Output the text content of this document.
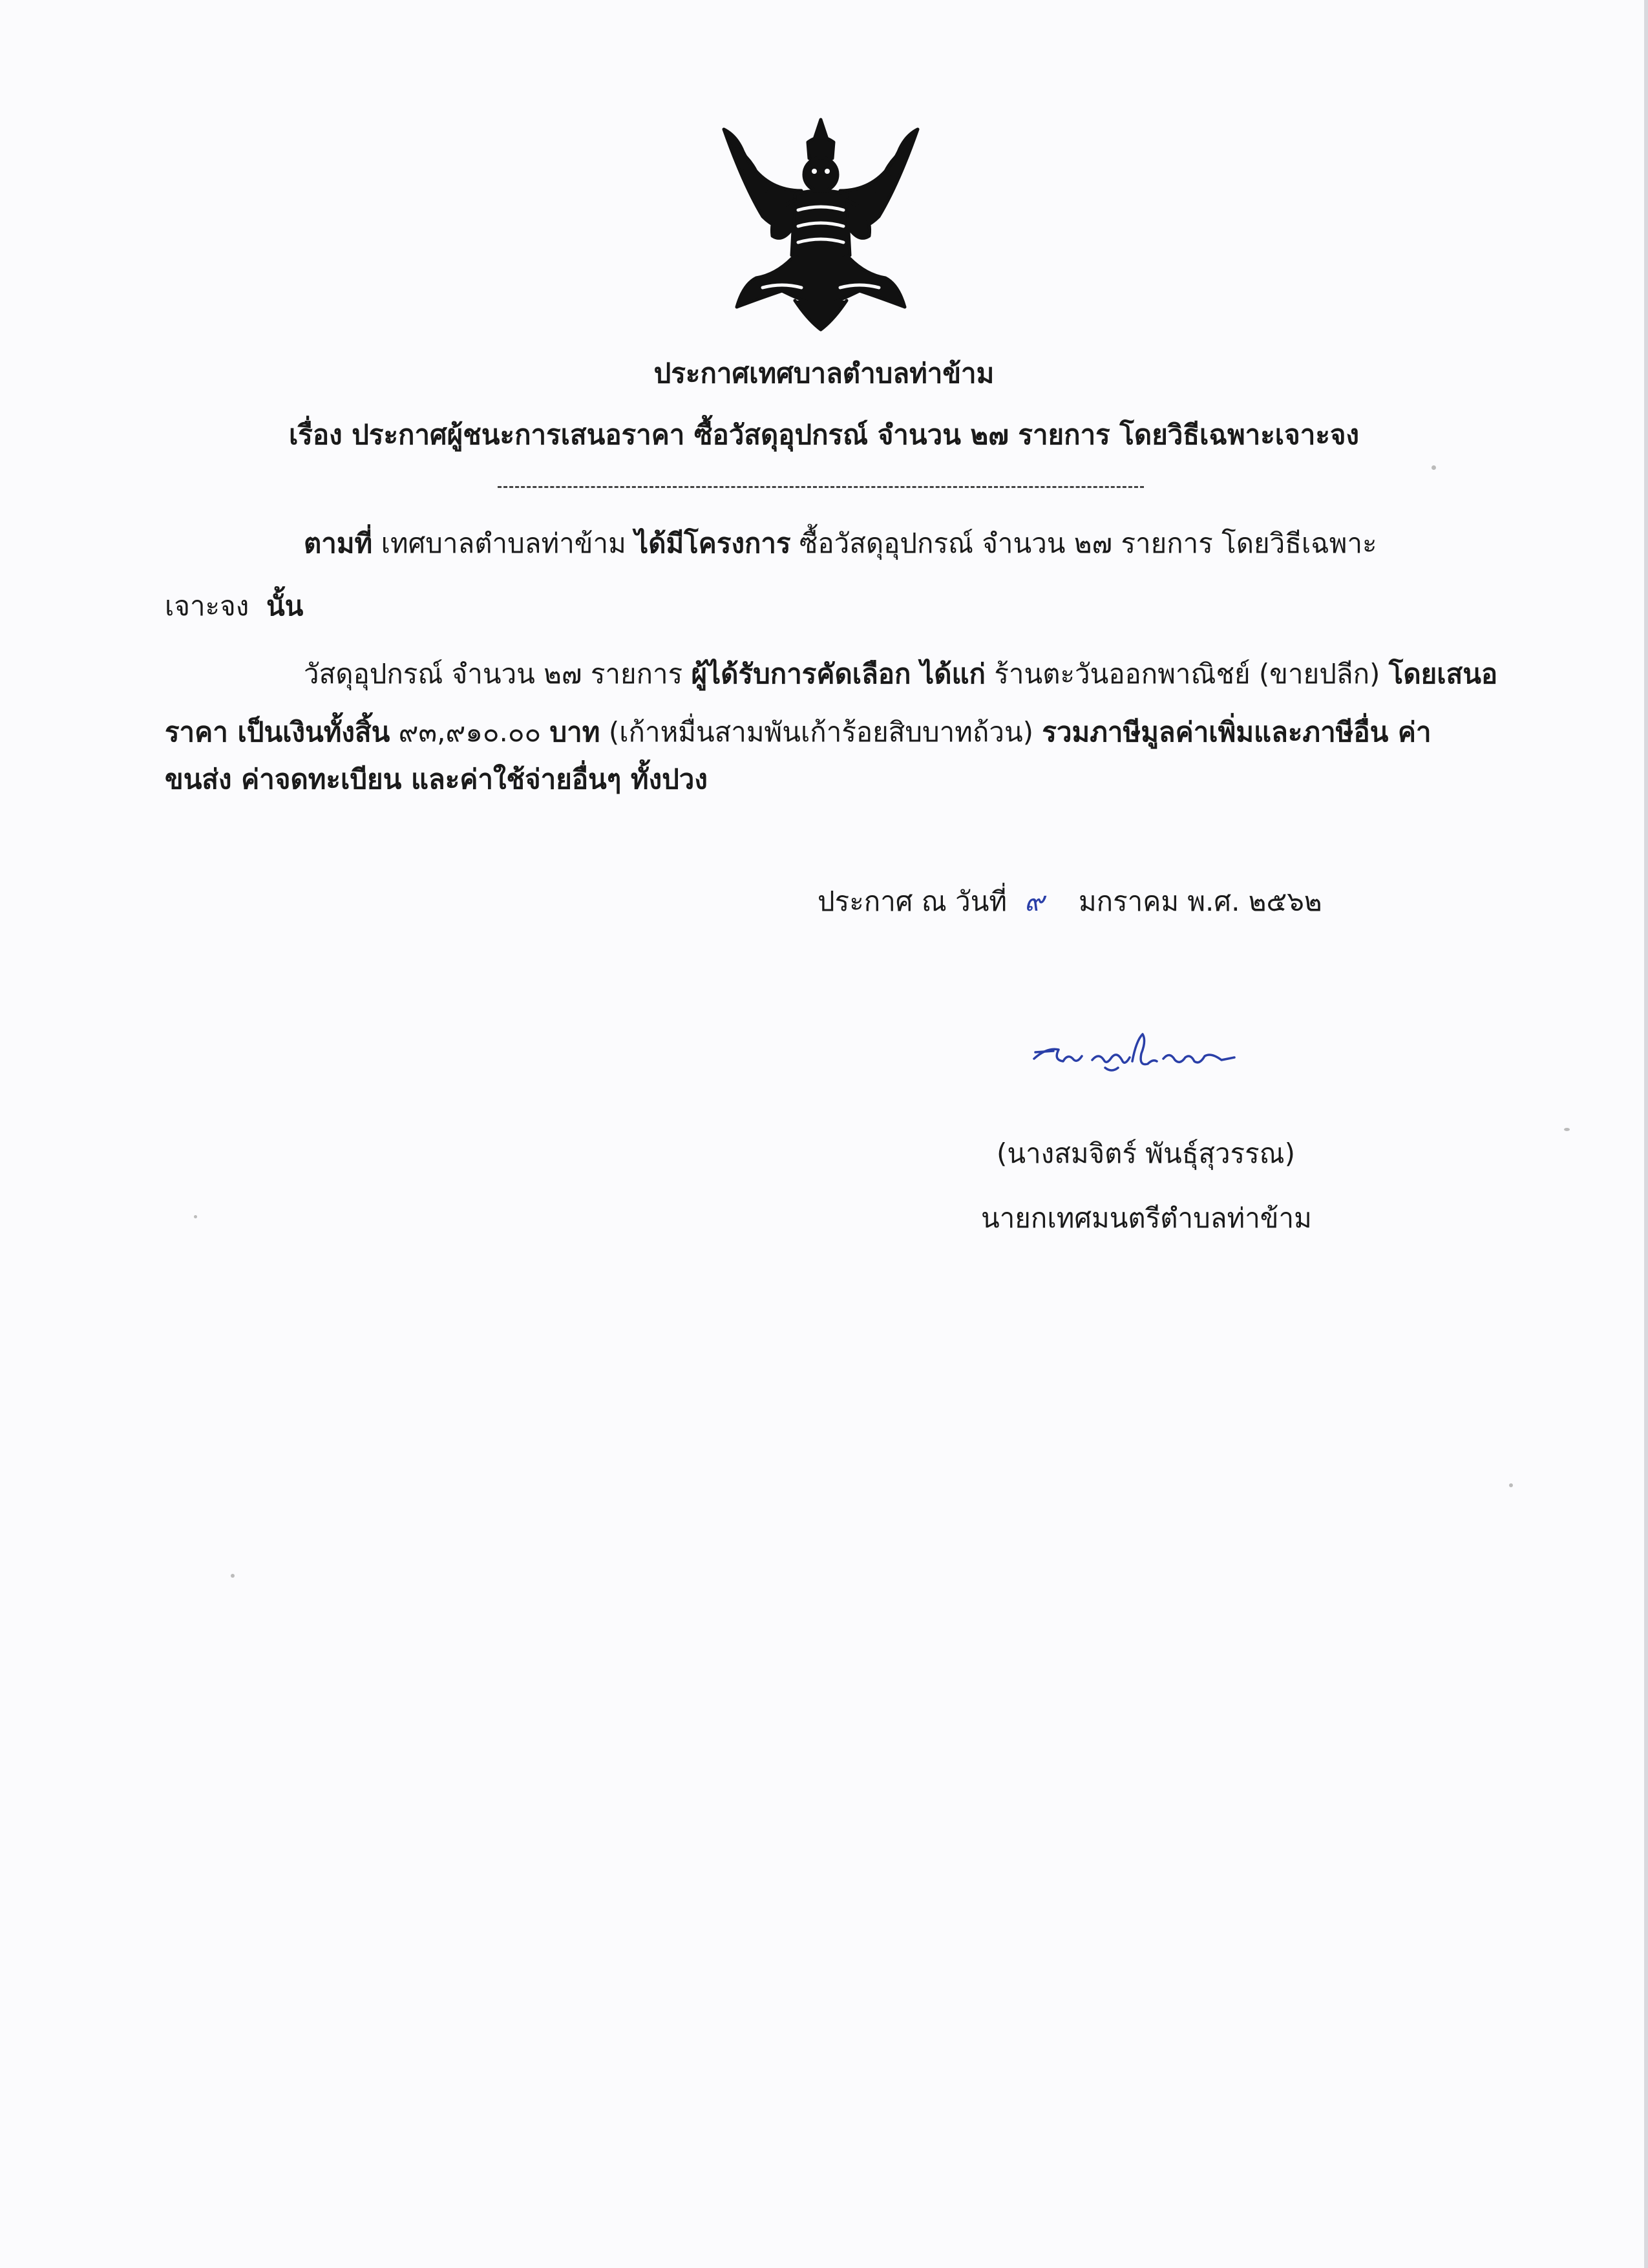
ประกาศเทศบาลตำบลท่าข้าม
เรื่อง ประกาศผู้ชนะการเสนอราคา ซื้อวัสดุอุปกรณ์ จำนวน ๒๗ รายการ โดยวิธีเฉพาะเจาะจง
ตามที่ เทศบาลตำบลท่าข้าม ได้มีโครงการ ซื้อวัสดุอุปกรณ์ จำนวน ๒๗ รายการ โดยวิธีเฉพาะ
เจาะจง นั้น
วัสดุอุปกรณ์ จำนวน ๒๗ รายการ ผู้ได้รับการคัดเลือก ได้แก่ ร้านตะวันออกพาณิชย์ (ขายปลีก) โดยเสนอ
ราคา เป็นเงินทั้งสิ้น ๙๓,๙๑๐.๐๐ บาท (เก้าหมื่นสามพันเก้าร้อยสิบบาทถ้วน) รวมภาษีมูลค่าเพิ่มและภาษีอื่น ค่า
ขนส่ง ค่าจดทะเบียน และค่าใช้จ่ายอื่นๆ ทั้งปวง
ประกาศ ณ วันที่ ๙ มกราคม พ.ศ. ๒๕๖๒
(นางสมจิตร์ พันธุ์สุวรรณ)
นายกเทศมนตรีตำบลท่าข้าม
